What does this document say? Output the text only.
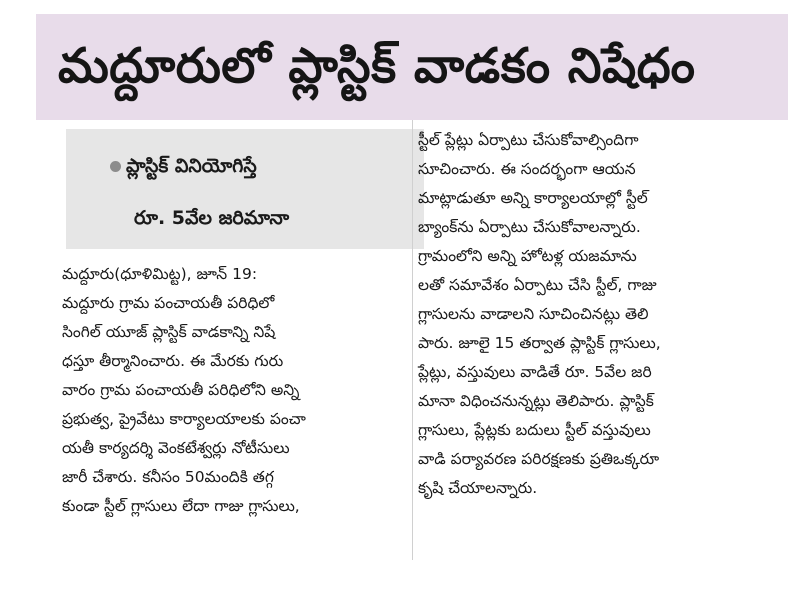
మద్దూరులో ప్లాస్టిక్ వాడకం నిషేధం
ప్లాస్టిక్ వినియోగిస్తే
రూ. 5వేల జరిమానా
మద్దూరు(ధూళిమిట్ట), జూన్ 19:
మద్దూరు గ్రామ పంచాయతీ పరిధిలో
సింగిల్ యూజ్ ప్లాస్టిక్ వాడకాన్ని నిషే
ధస్తూ తీర్మానించారు. ఈ మేరకు గురు
వారం గ్రామ పంచాయతీ పరిధిలోని అన్ని
ప్రభుత్వ, ప్రైవేటు కార్యాలయాలకు పంచా
యతీ కార్యదర్శి వెంకటేశ్వర్లు నోటీసులు
జారీ చేశారు. కనీసం 50మందికి తగ్గ
కుండా స్టీల్ గ్లాసులు లేదా గాజు గ్లాసులు,
స్టీల్ ప్లేట్లు ఏర్పాటు చేసుకోవాల్సిందిగా
సూచించారు. ఈ సందర్భంగా ఆయన
మాట్లాడుతూ అన్ని కార్యాలయాల్లో స్టీల్
బ్యాంక్‌ను ఏర్పాటు చేసుకోవాలన్నారు.
గ్రామంలోని అన్ని హోటళ్ల యజమాను
లతో సమావేశం ఏర్పాటు చేసి స్టీల్, గాజు
గ్లాసులను వాడాలని సూచించినట్లు తెలి
పారు. జూలై 15 తర్వాత ప్లాస్టిక్ గ్లాసులు,
ప్లేట్లు, వస్తువులు వాడితే రూ. 5వేల జరి
మానా విధించనున్నట్లు తెలిపారు. ప్లాస్టిక్
గ్లాసులు, ప్లేట్లకు బదులు స్టీల్ వస్తువులు
వాడి పర్యావరణ పరిరక్షణకు ప్రతిఒక్కరూ
కృషి చేయాలన్నారు.
